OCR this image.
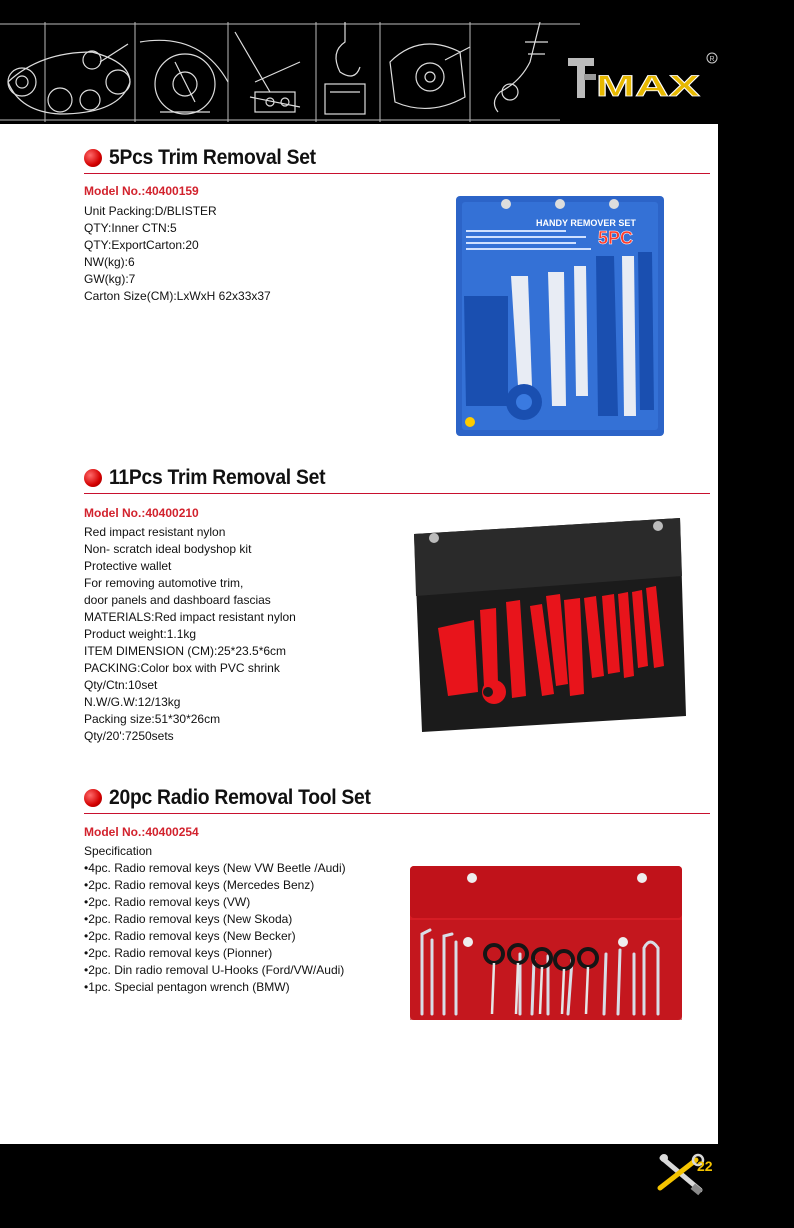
MAX
R
5Pcs Trim Removal Set
Model No.:40400159
Unit Packing:D/BLISTER
QTY:Inner CTN:5
QTY:ExportCarton:20
NW(kg):6
GW(kg):7
Carton Size(CM):LxWxH 62x33x37
HANDY REMOVER SET
5PC
11Pcs Trim Removal Set
Model No.:40400210
Red impact resistant nylon
Non- scratch ideal bodyshop kit
Protective wallet
For removing automotive trim,
door panels and dashboard fascias
MATERIALS:Red impact resistant nylon
Product weight:1.1kg
ITEM DIMENSION (CM):25*23.5*6cm
PACKING:Color box with PVC shrink
Qty/Ctn:10set
N.W/G.W:12/13kg
Packing size:51*30*26cm
Qty/20':7250sets
20pc Radio Removal Tool Set
Model No.:40400254
Specification
•4pc. Radio removal keys (New VW Beetle /Audi)
•2pc. Radio removal keys (Mercedes Benz)
•2pc. Radio removal keys (VW)
•2pc. Radio removal keys (New Skoda)
•2pc. Radio removal keys (New Becker)
•2pc. Radio removal keys (Pionner)
•2pc. Din radio removal U-Hooks (Ford/VW/Audi)
•1pc. Special pentagon wrench (BMW)
22
